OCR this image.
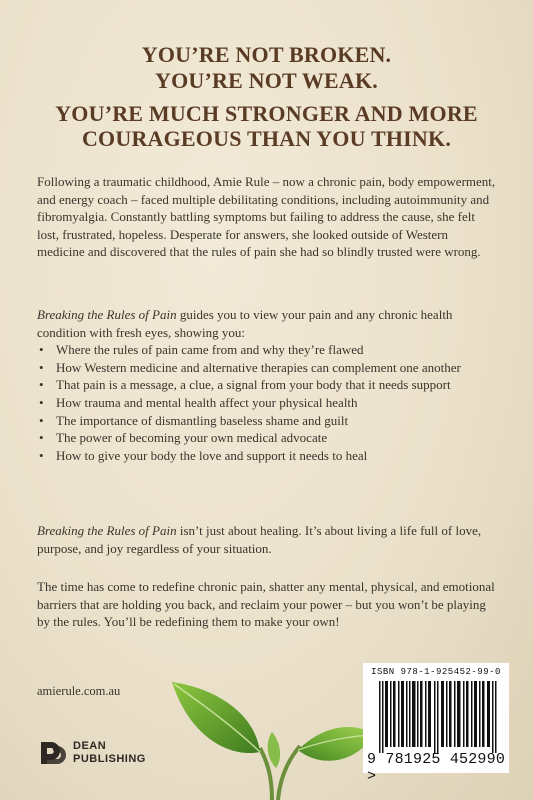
YOU’RE NOT BROKEN.
YOU’RE NOT WEAK.
YOU’RE MUCH STRONGER AND MORE
COURAGEOUS THAN YOU THINK.
Following a traumatic childhood, Amie Rule – now a chronic pain, body empowerment, and energy coach – faced multiple debilitating conditions, including autoimmunity and fibromyalgia. Constantly battling symptoms but failing to address the cause, she felt lost, frustrated, hopeless. Desperate for answers, she looked outside of Western medicine and discovered that the rules of pain she had so blindly trusted were wrong.
Breaking the Rules of Pain guides you to view your pain and any chronic health condition with fresh eyes, showing you:
• Where the rules of pain came from and why they’re flawed
• How Western medicine and alternative therapies can complement one another
• That pain is a message, a clue, a signal from your body that it needs support
• How trauma and mental health affect your physical health
• The importance of dismantling baseless shame and guilt
• The power of becoming your own medical advocate
• How to give your body the love and support it needs to heal
Breaking the Rules of Pain isn’t just about healing. It’s about living a life full of love, purpose, and joy regardless of your situation.
The time has come to redefine chronic pain, shatter any mental, physical, and emotional barriers that are holding you back, and reclaim your power – but you won’t be playing by the rules. You’ll be redefining them to make your own!
amierule.com.au
DEAN
PUBLISHING
ISBN 978-1-925452-99-0
9 781925 452990 >
